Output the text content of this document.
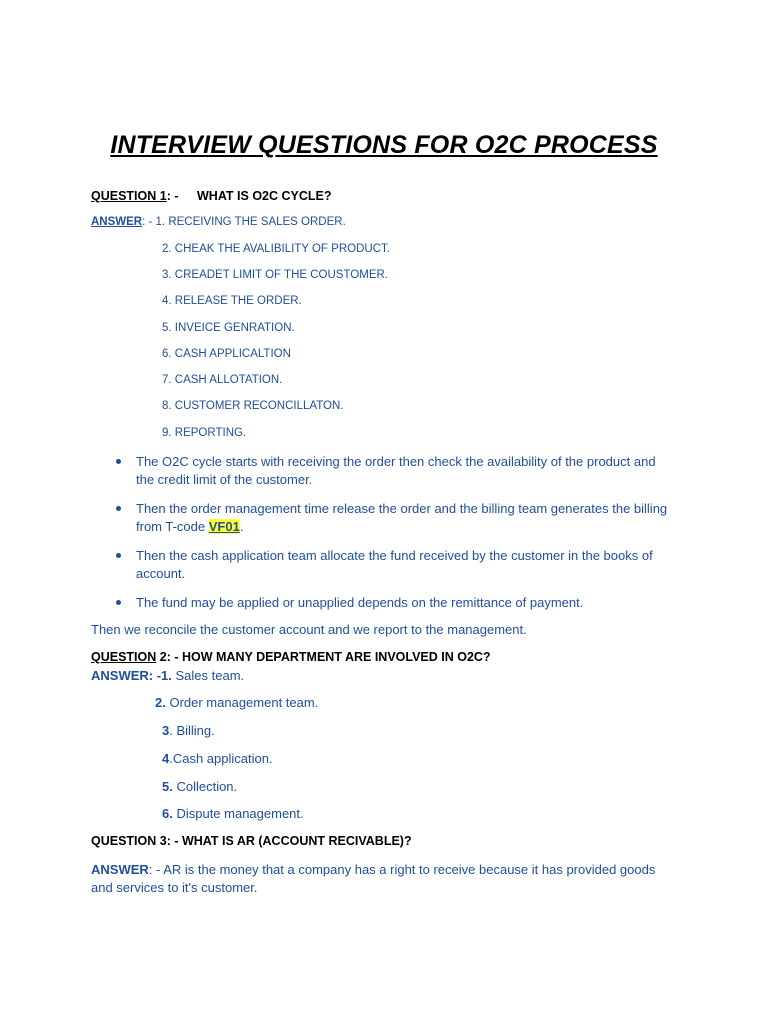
INTERVIEW QUESTIONS FOR O2C PROCESS
QUESTION 1: - WHAT IS O2C CYCLE?
ANSWER: - 1. RECEIVING THE SALES ORDER.
2. CHEAK THE AVALIBILITY OF PRODUCT.
3. CREADET LIMIT OF THE COUSTOMER.
4. RELEASE THE ORDER.
5. INVEICE GENRATION.
6. CASH APPLICALTION
7. CASH ALLOTATION.
8. CUSTOMER RECONCILLATON.
9. REPORTING.
The O2C cycle starts with receiving the order then check the availability of the product and the credit limit of the customer.
Then the order management time release the order and the billing team generates the billing from T-code VF01.
Then the cash application team allocate the fund received by the customer in the books of account.
The fund may be applied or unapplied depends on the remittance of payment.
Then we reconcile the customer account and we report to the management.
QUESTION 2: - HOW MANY DEPARTMENT ARE INVOLVED IN O2C?
ANSWER: -1. Sales team.
2. Order management team.
3. Billing.
4.Cash application.
5. Collection.
6. Dispute management.
QUESTION 3: - WHAT IS AR (ACCOUNT RECIVABLE)?
ANSWER: - AR is the money that a company has a right to receive because it has provided goods and services to it's customer.
